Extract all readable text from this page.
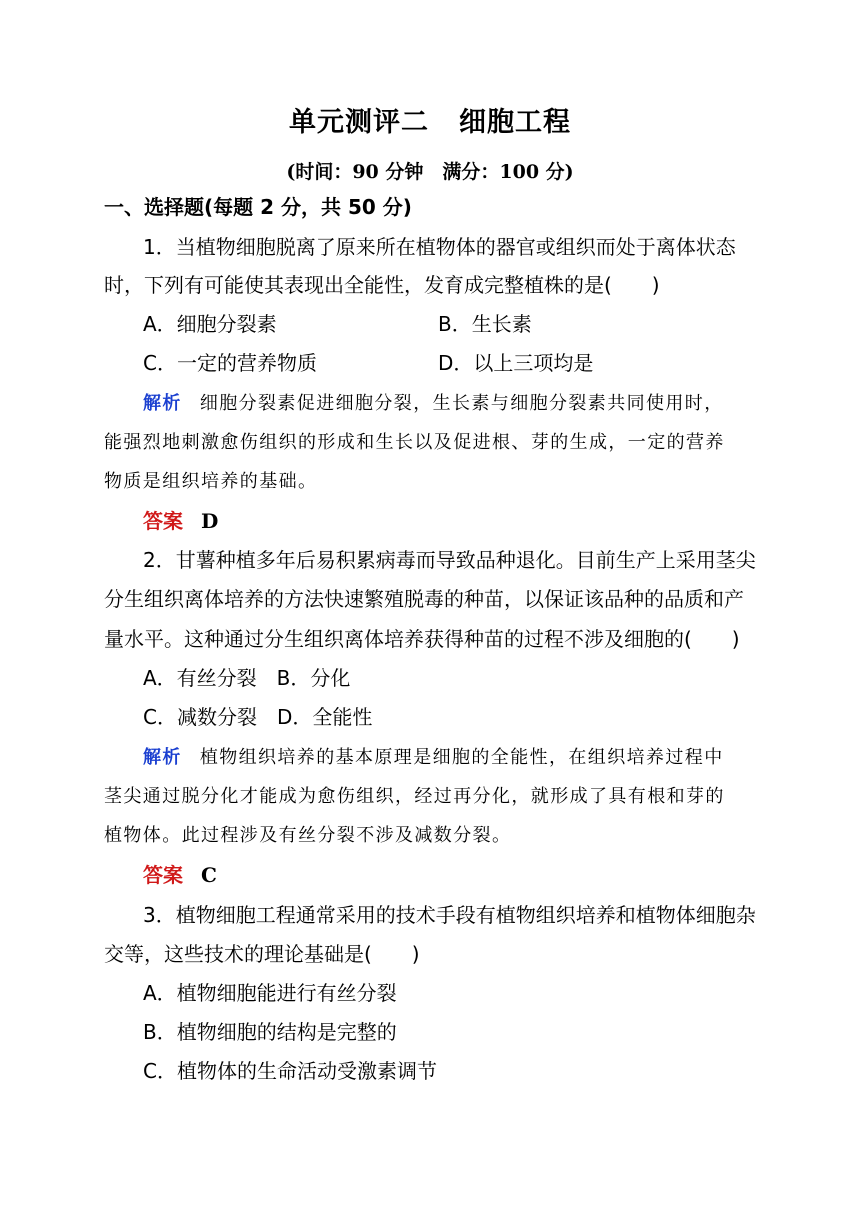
单元测评二 细胞工程
(时间：90 分钟　满分：100 分)
一、选择题(每题 2 分，共 50 分)
1．当植物细胞脱离了原来所在植物体的器官或组织而处于离体状态
时，下列有可能使其表现出全能性，发育成完整植株的是(　　)
A．细胞分裂素	B．生长素
C．一定的营养物质	D．以上三项均是
解析 细胞分裂素促进细胞分裂，生长素与细胞分裂素共同使用时，
能强烈地刺激愈伤组织的形成和生长以及促进根、芽的生成，一定的营养
物质是组织培养的基础。
答案 D
2．甘薯种植多年后易积累病毒而导致品种退化。目前生产上采用茎尖
分生组织离体培养的方法快速繁殖脱毒的种苗，以保证该品种的品质和产
量水平。这种通过分生组织离体培养获得种苗的过程不涉及细胞的(　　)
A．有丝分裂　B．分化
C．减数分裂　D．全能性
解析 植物组织培养的基本原理是细胞的全能性，在组织培养过程中
茎尖通过脱分化才能成为愈伤组织，经过再分化，就形成了具有根和芽的
植物体。此过程涉及有丝分裂不涉及减数分裂。
答案 C
3．植物细胞工程通常采用的技术手段有植物组织培养和植物体细胞杂
交等，这些技术的理论基础是(　　)
A．植物细胞能进行有丝分裂
B．植物细胞的结构是完整的
C．植物体的生命活动受激素调节
